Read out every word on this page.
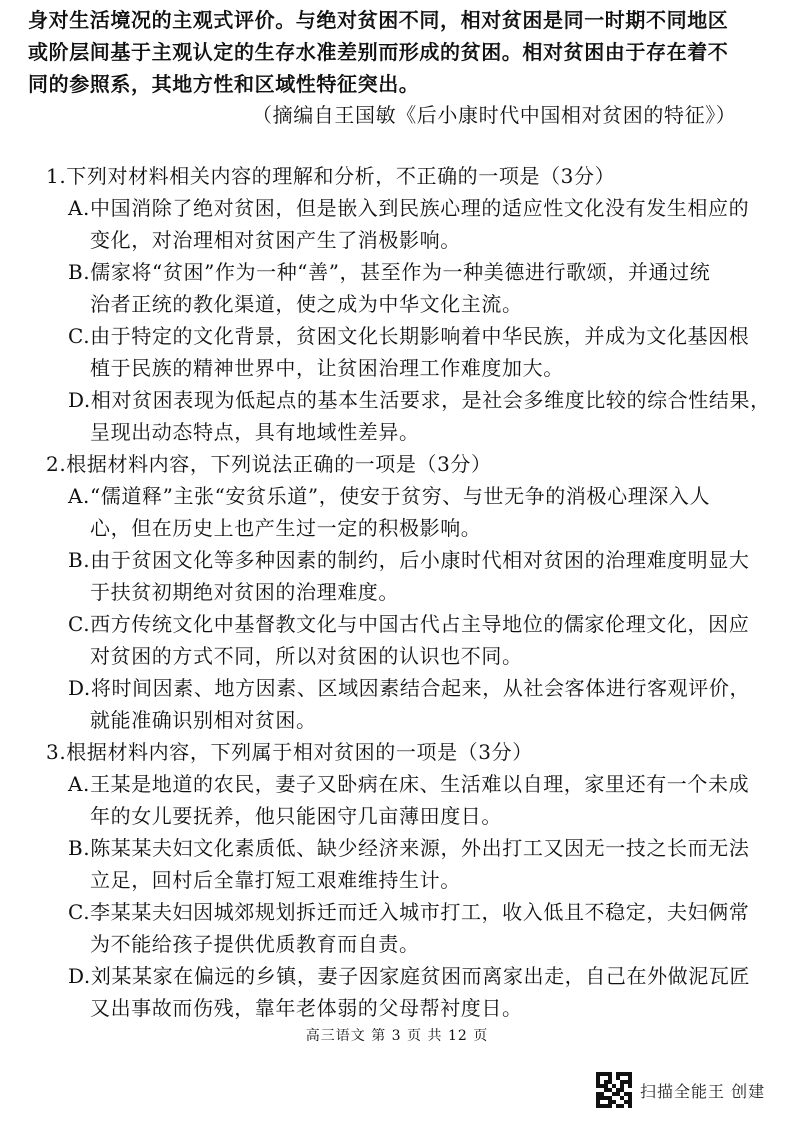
身对生活境况的主观式评价。与绝对贫困不同，相对贫困是同一时期不同地区
或阶层间基于主观认定的生存水准差别而形成的贫困。相对贫困由于存在着不
同的参照系，其地方性和区域性特征突出。
（摘编自王国敏《后小康时代中国相对贫困的特征》）
1.下列对材料相关内容的理解和分析，不正确的一项是（3分）
A.中国消除了绝对贫困，但是嵌入到民族心理的适应性文化没有发生相应的
变化，对治理相对贫困产生了消极影响。
B.儒家将“贫困”作为一种“善”，甚至作为一种美德进行歌颂，并通过统
治者正统的教化渠道，使之成为中华文化主流。
C.由于特定的文化背景，贫困文化长期影响着中华民族，并成为文化基因根
植于民族的精神世界中，让贫困治理工作难度加大。
D.相对贫困表现为低起点的基本生活要求，是社会多维度比较的综合性结果，
呈现出动态特点，具有地域性差异。
2.根据材料内容，下列说法正确的一项是（3分）
A.“儒道释”主张“安贫乐道”，使安于贫穷、与世无争的消极心理深入人
心，但在历史上也产生过一定的积极影响。
B.由于贫困文化等多种因素的制约，后小康时代相对贫困的治理难度明显大
于扶贫初期绝对贫困的治理难度。
C.西方传统文化中基督教文化与中国古代占主导地位的儒家伦理文化，因应
对贫困的方式不同，所以对贫困的认识也不同。
D.将时间因素、地方因素、区域因素结合起来，从社会客体进行客观评价，
就能准确识别相对贫困。
3.根据材料内容，下列属于相对贫困的一项是（3分）
A.王某是地道的农民，妻子又卧病在床、生活难以自理，家里还有一个未成
年的女儿要抚养，他只能困守几亩薄田度日。
B.陈某某夫妇文化素质低、缺少经济来源，外出打工又因无一技之长而无法
立足，回村后全靠打短工艰难维持生计。
C.李某某夫妇因城郊规划拆迁而迁入城市打工，收入低且不稳定，夫妇俩常
为不能给孩子提供优质教育而自责。
D.刘某某家在偏远的乡镇，妻子因家庭贫困而离家出走，自己在外做泥瓦匠
又出事故而伤残，靠年老体弱的父母帮衬度日。
高三语文 第 3 页 共 12 页
扫描全能王 创建
